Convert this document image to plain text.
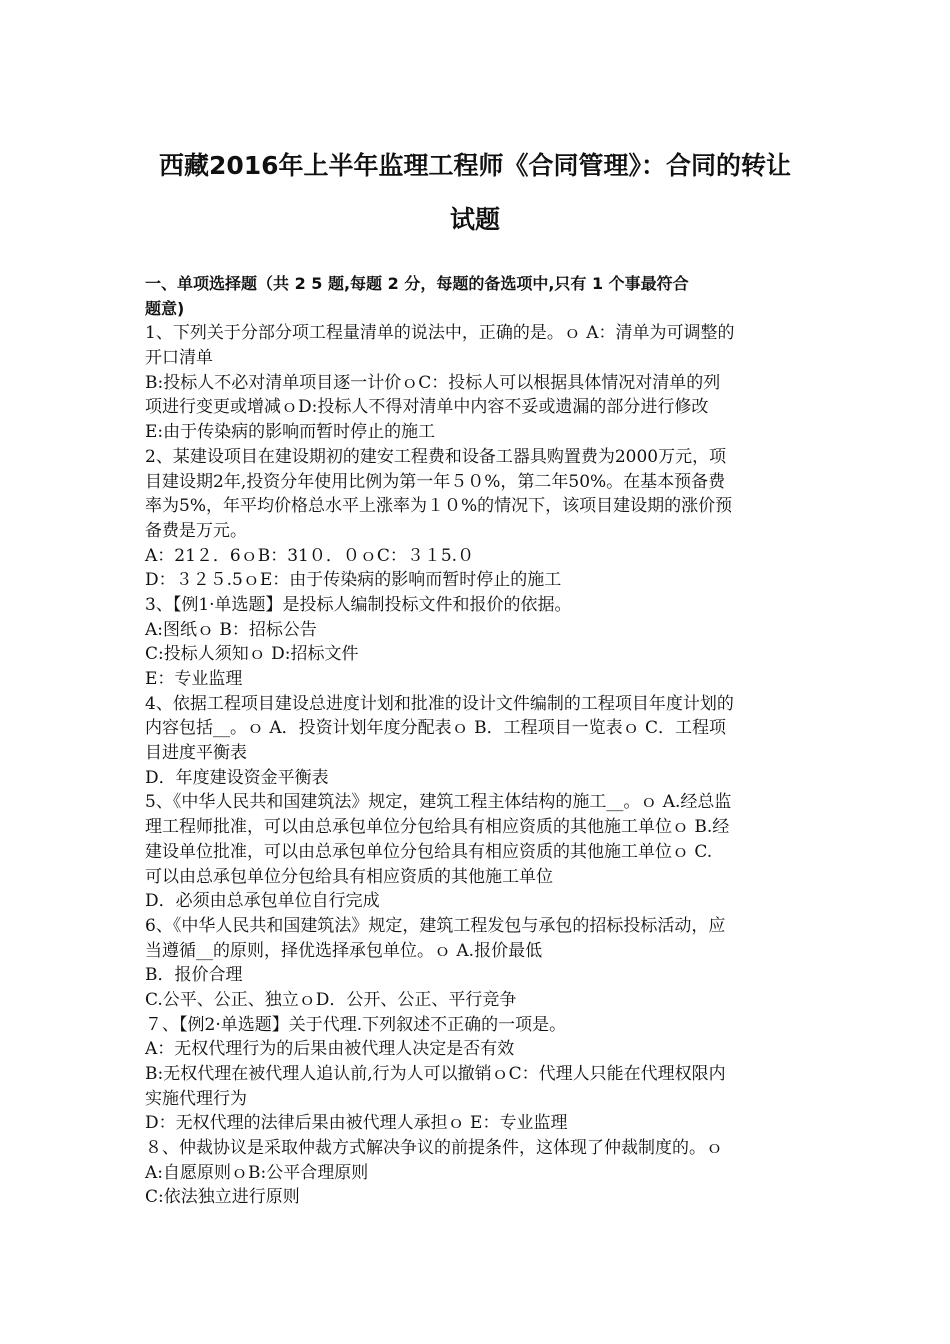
西藏2016年上半年监理工程师《合同管理》：合同的转让
试题
一、单项选择题（共 2 5 题,每题 2 分，每题的备选项中,只有 1 个事最符合
题意)
1、下列关于分部分项工程量清单的说法中，正确的是。ｏ A：清单为可调整的
开口清单
B:投标人不必对清单项目逐一计价ｏC：投标人可以根据具体情况对清单的列
项进行变更或增减ｏD:投标人不得对清单中内容不妥或遗漏的部分进行修改
E:由于传染病的影响而暂时停止的施工
2、某建设项目在建设期初的建安工程费和设备工器具购置费为2000万元，项
目建设期2年,投资分年使用比例为第一年５０%，第二年50%。在基本预备费
率为5%，年平均价格总水平上涨率为１０%的情况下，该项目建设期的涨价预
备费是万元。
A：21２．6ｏB：31０．０ｏC：３１5.０
D：３２５.5ｏE：由于传染病的影响而暂时停止的施工
3、【例1·单选题】是投标人编制投标文件和报价的依据。
A:图纸ｏ B：招标公告
C:投标人须知ｏ D:招标文件
E：专业监理
4、依据工程项目建设总进度计划和批准的设计文件编制的工程项目年度计划的
内容包括__。ｏ A．投资计划年度分配表ｏ B．工程项目一览表ｏ C．工程项
目进度平衡表
D．年度建设资金平衡表
5、《中华人民共和国建筑法》规定，建筑工程主体结构的施工__。ｏ A.经总监
理工程师批准，可以由总承包单位分包给具有相应资质的其他施工单位ｏ B.经
建设单位批准，可以由总承包单位分包给具有相应资质的其他施工单位ｏ C.
可以由总承包单位分包给具有相应资质的其他施工单位
D．必须由总承包单位自行完成
6、《中华人民共和国建筑法》规定，建筑工程发包与承包的招标投标活动，应
当遵循__的原则，择优选择承包单位。ｏ A.报价最低
B．报价合理
C.公平、公正、独立ｏD．公开、公正、平行竞争
７、【例2·单选题】关于代理.下列叙述不正确的一项是。
A：无权代理行为的后果由被代理人决定是否有效
B:无权代理在被代理人追认前,行为人可以撤销ｏC：代理人只能在代理权限内
实施代理行为
D：无权代理的法律后果由被代理人承担ｏ E：专业监理
８、仲裁协议是采取仲裁方式解决争议的前提条件，这体现了仲裁制度的。ｏ
A:自愿原则ｏB:公平合理原则
C:依法独立进行原则
